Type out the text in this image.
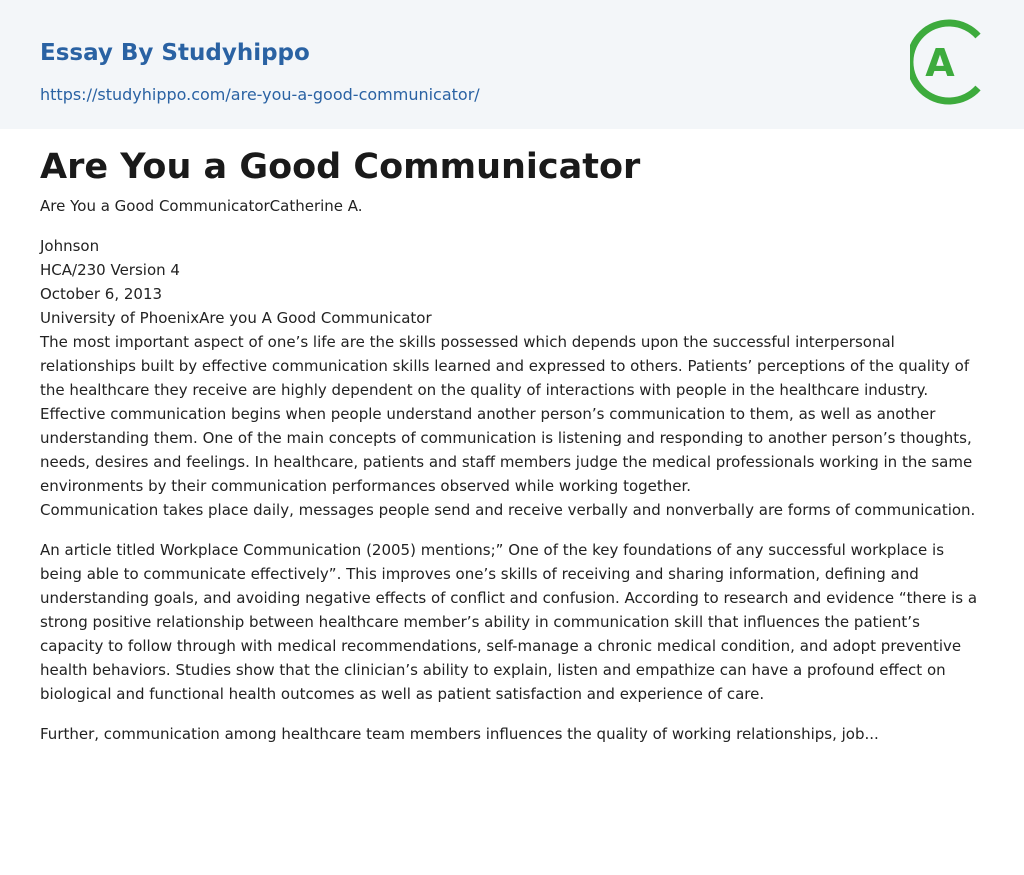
Essay By Studyhippo
https://studyhippo.com/are-you-a-good-communicator/
A
Are You a Good Communicator

Are You a Good CommunicatorCatherine A.

Johnson

HCA/230 Version 4

October 6, 2013

University of PhoenixAre you A Good Communicator

The most important aspect of one’s life are the skills possessed which depends upon the successful interpersonal relationships built by effective communication skills learned and expressed to others. Patients’ perceptions of the quality of the healthcare they receive are highly dependent on the quality of interactions with people in the healthcare industry. Effective communication begins when people understand another person’s communication to them, as well as another understanding them. One of the main concepts of communication is listening and responding to another person’s thoughts, needs, desires and feelings. In healthcare, patients and staff members judge the medical professionals working in the same environments by their communication performances observed while working together.

Communication takes place daily, messages people send and receive verbally and nonverbally are forms of communication.

An article titled Workplace Communication (2005) mentions;” One of the key foundations of any successful workplace is being able to communicate effectively”. This improves one’s skills of receiving and sharing information, defining and understanding goals, and avoiding negative effects of conflict and confusion. According to research and evidence “there is a strong positive relationship between healthcare member’s ability in communication skill that influences the patient’s capacity to follow through with medical recommendations, self-manage a chronic medical condition, and adopt preventive health behaviors. Studies show that the clinician’s ability to explain, listen and empathize can have a profound effect on biological and functional health outcomes as well as patient satisfaction and experience of care.

Further, communication among healthcare team members influences the quality of working relationships, job...
